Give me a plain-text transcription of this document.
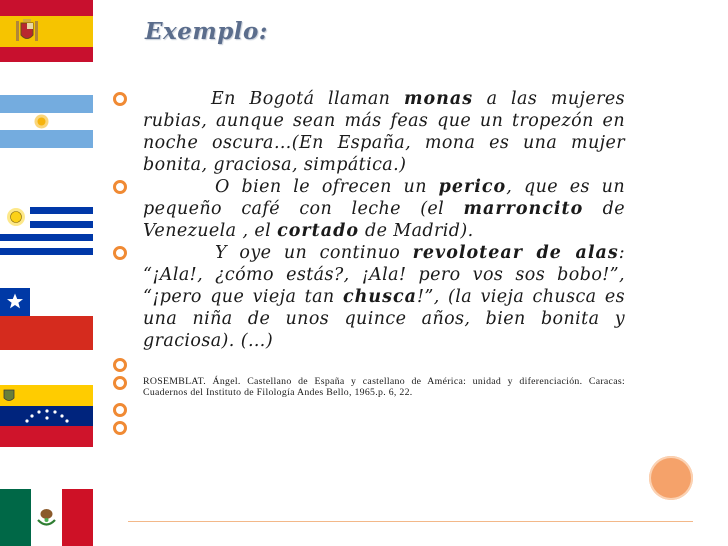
Exemplo:
En Bogotá llaman monas a las mujeres rubias, aunque sean más feas que un tropezón en noche oscura…(En España, mona es una mujer bonita, graciosa, simpática.)
O bien le ofrecen un perico, que es un pequeño café con leche (el marroncito de Venezuela , el cortado de Madrid).
Y oye un continuo revolotear de alas: “¡Ala!, ¿cómo estás?, ¡Ala! pero vos sos bobo!”, “¡pero que vieja tan chusca!”, (la vieja chusca es una niña de unos quince años, bien bonita y graciosa). (…)
ROSEMBLAT. Ángel. Castellano de España y castellano de América: unidad y diferenciación. Caracas: Cuadernos del Instituto de Filología Andes Bello, 1965.p. 6, 22.
